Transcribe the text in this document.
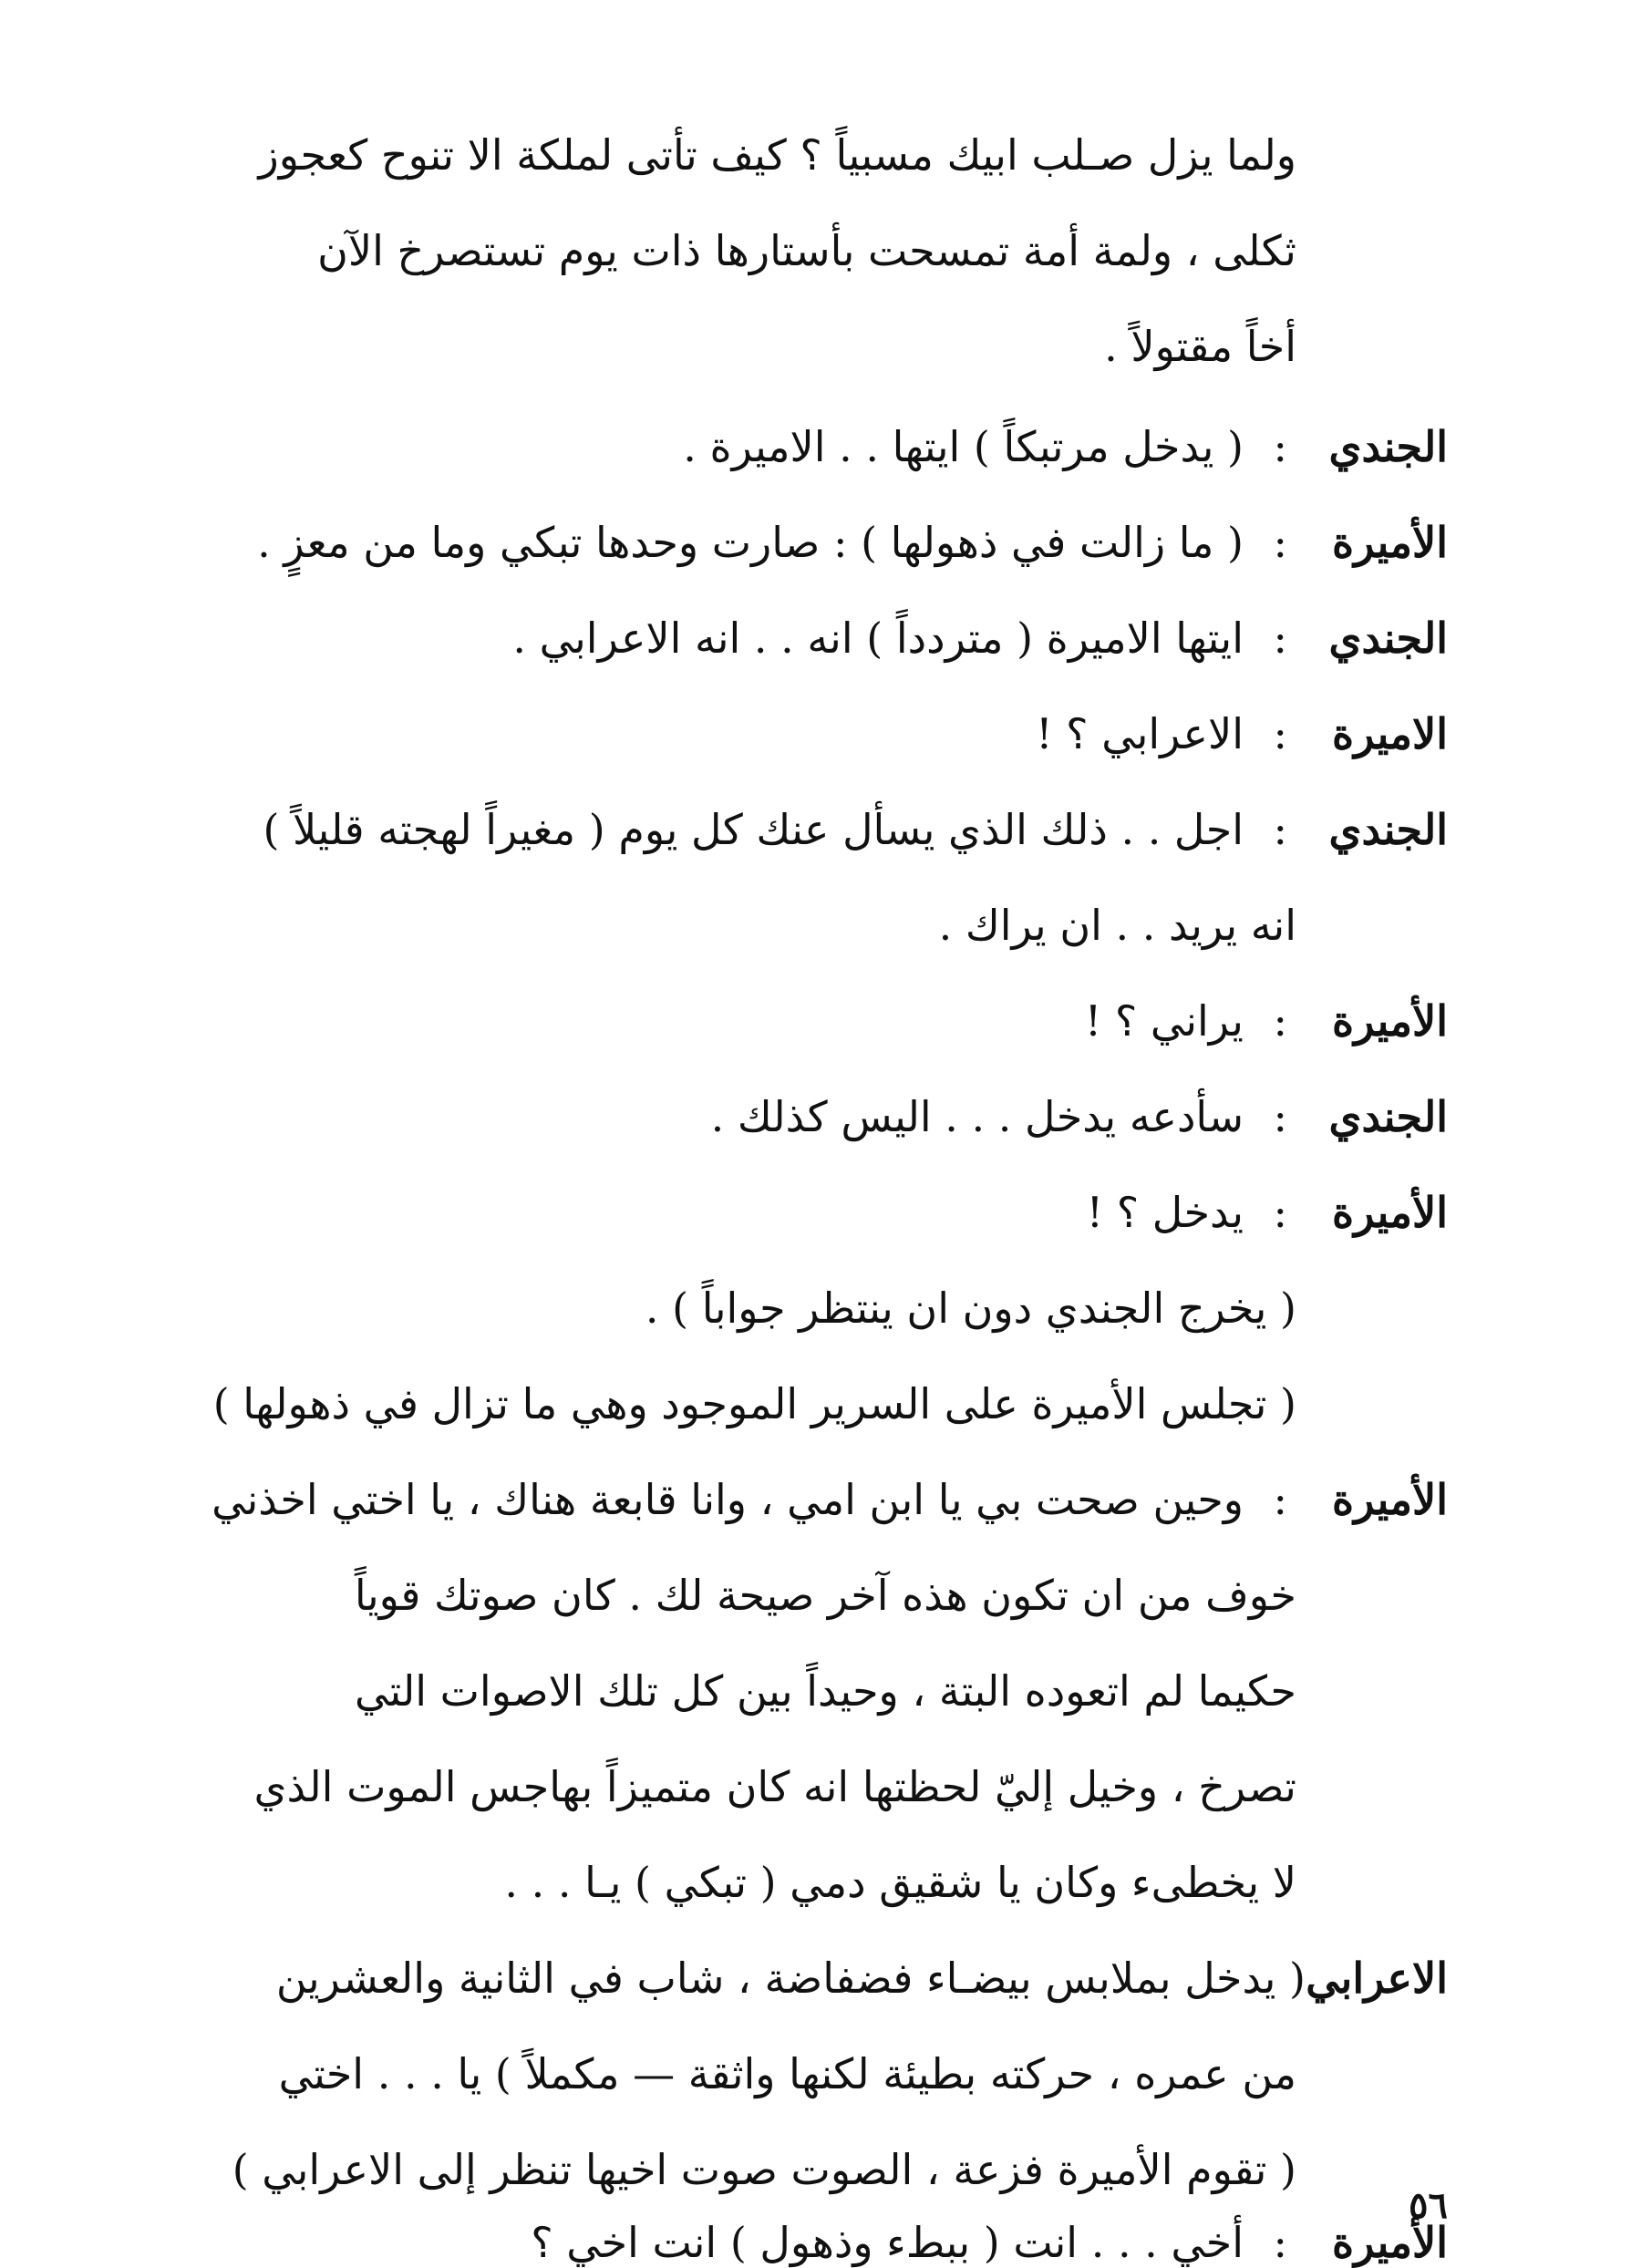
ولما يزل صـلب ابيك مسبياً ؟ كيف تأتى لملكة الا تنوح كعجوز
ثكلى ، ولمة أمة تمسحت بأستارها ذات يوم تستصرخ الآن
أخاً مقتولاً .
الجندي
:
( يدخل مرتبكاً ) ايتها . . الاميرة .
الأميرة
:
( ما زالت في ذهولها ) : صارت وحدها تبكي وما من معزٍ .
الجندي
:
ايتها الاميرة ( متردداً ) انه . . انه الاعرابي .
الاميرة
:
الاعرابي ؟ !
الجندي
:
اجل . . ذلك الذي يسأل عنك كل يوم ( مغيراً لهجته قليلاً )
انه يريد . . ان يراك .
الأميرة
:
يراني ؟ !
الجندي
:
سأدعه يدخل . . . اليس كذلك .
الأميرة
:
يدخل ؟ !
( يخرج الجندي دون ان ينتظر جواباً ) .
( تجلس الأميرة على السرير الموجود وهي ما تزال في ذهولها )
الأميرة
:
وحين صحت بي يا ابن امي ، وانا قابعة هناك ، يا اختي اخذني
خوف من ان تكون هذه آخر صيحة لك . كان صوتك قوياً
حكيما لم اتعوده البتة ، وحيداً بين كل تلك الاصوات التي
تصرخ ، وخيل إليّ لحظتها انه كان متميزاً بهاجس الموت الذي
لا يخطىء وكان يا شقيق دمي ( تبكي ) يـا . . .
الاعرابي
( يدخل بملابس بيضـاء فضفاضة ، شاب في الثانية والعشرين
من عمره ، حركته بطيئة لكنها واثقة — مكملاً ) يا . . . اختي
( تقوم الأميرة فزعة ، الصوت صوت اخيها تنظر إلى الاعرابي )
الأميرة
:
أخي . . . انت ( ببطء وذهول ) انت اخي ؟
٥٦
